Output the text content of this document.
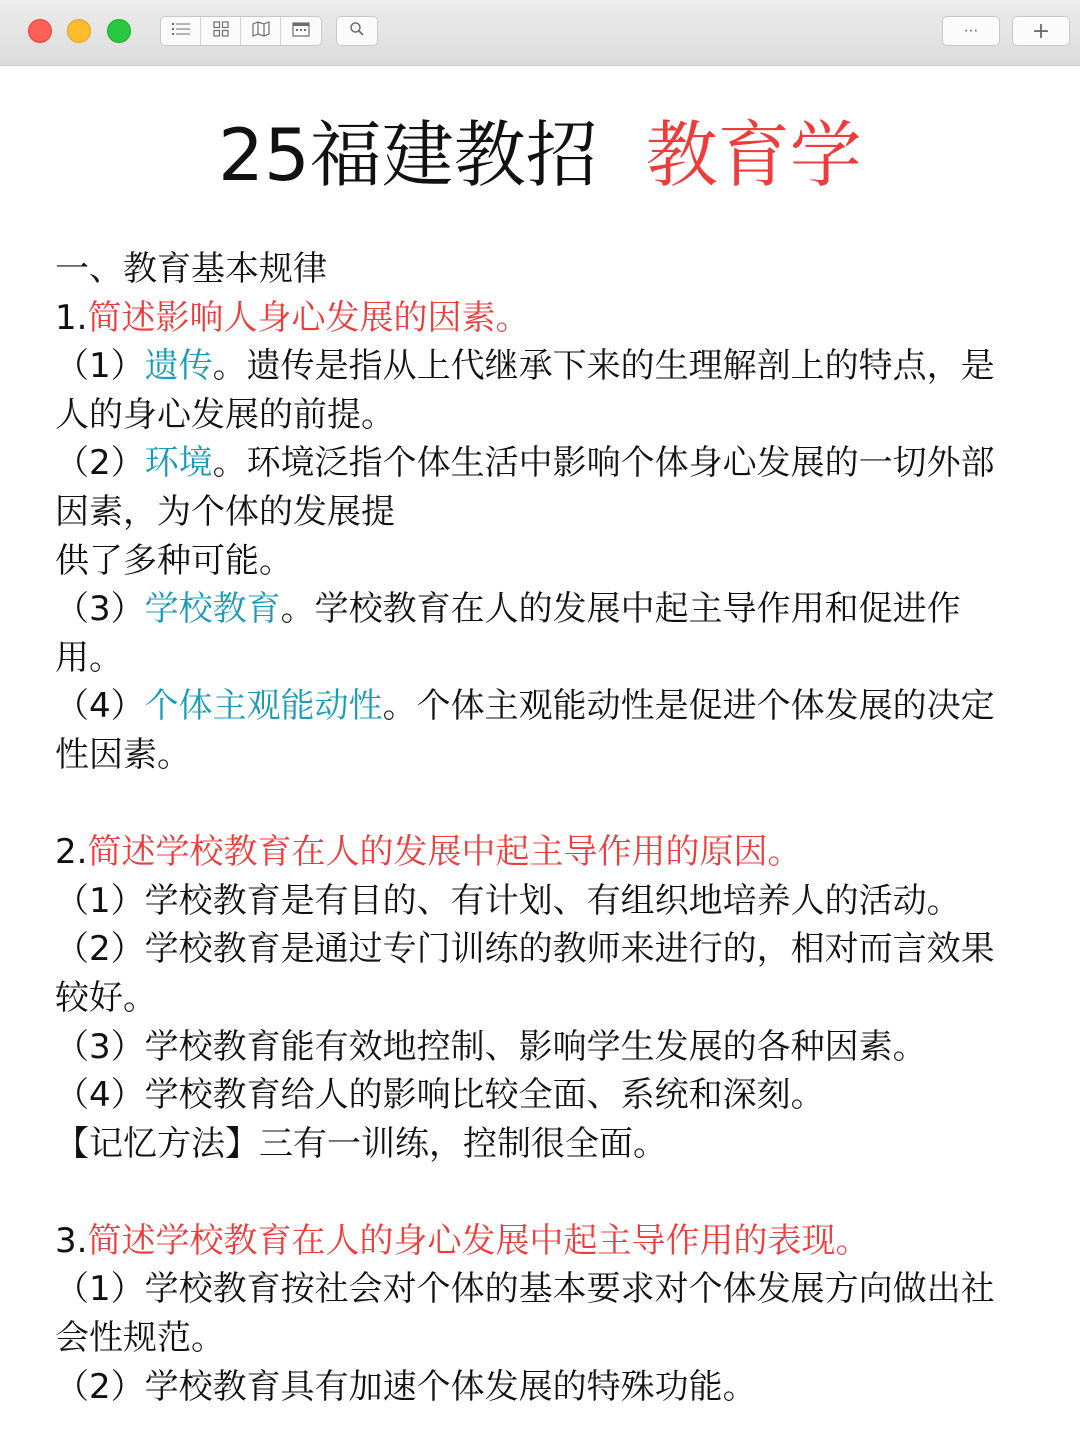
··· +
25福建教招 教育学
一、教育基本规律
1.简述影响人身心发展的因素。
（1）遗传。遗传是指从上代继承下来的生理解剖上的特点，是
人的身心发展的前提。
（2）环境。环境泛指个体生活中影响个体身心发展的一切外部
因素，为个体的发展提
供了多种可能。
（3）学校教育。学校教育在人的发展中起主导作用和促进作
用。
（4）个体主观能动性。个体主观能动性是促进个体发展的决定
性因素。
2.简述学校教育在人的发展中起主导作用的原因。
（1）学校教育是有目的、有计划、有组织地培养人的活动。
（2）学校教育是通过专门训练的教师来进行的，相对而言效果
较好。
（3）学校教育能有效地控制、影响学生发展的各种因素。
（4）学校教育给人的影响比较全面、系统和深刻。
【记忆方法】三有一训练，控制很全面。
3.简述学校教育在人的身心发展中起主导作用的表现。
（1）学校教育按社会对个体的基本要求对个体发展方向做出社
会性规范。
（2）学校教育具有加速个体发展的特殊功能。
